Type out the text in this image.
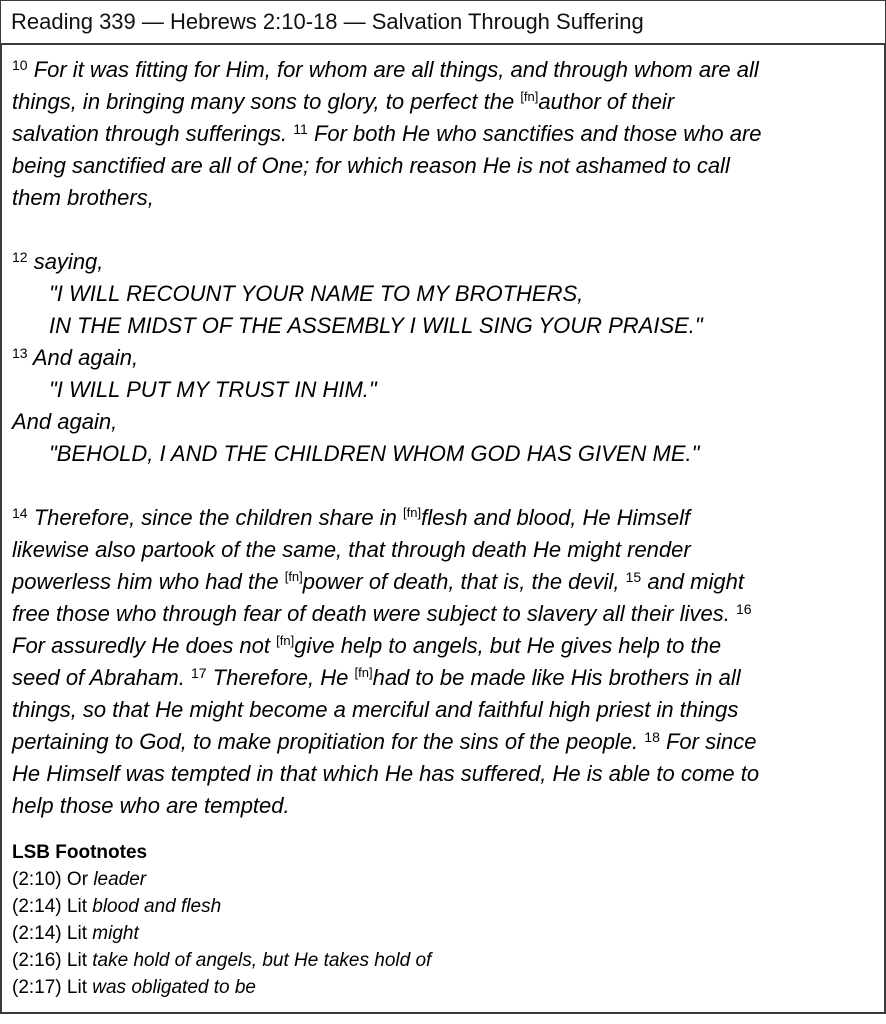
Reading 339 — Hebrews 2:10-18 — Salvation Through Suffering
$^{10}$ For it was fitting for Him, for whom are all things, and through whom are all
things, in bringing many sons to glory, to perfect the [fn]author of their
salvation through sufferings. $^{11}$ For both He who sanctifies and those who are
being sanctified are all of One; for which reason He is not ashamed to call
them brothers,
$^{12}$ saying,
"I WILL RECOUNT YOUR NAME TO MY BROTHERS,
IN THE MIDST OF THE ASSEMBLY I WILL SING YOUR PRAISE."
$^{13}$ And again,
"I WILL PUT MY TRUST IN HIM."
And again,
"BEHOLD, I AND THE CHILDREN WHOM GOD HAS GIVEN ME."
$^{14}$ Therefore, since the children share in [fn]flesh and blood, He Himself
likewise also partook of the same, that through death He might render
powerless him who had the [fn]power of death, that is, the devil, $^{15}$ and might
free those who through fear of death were subject to slavery all their lives. $^{16}$
For assuredly He does not [fn]give help to angels, but He gives help to the
seed of Abraham. $^{17}$ Therefore, He [fn]had to be made like His brothers in all
things, so that He might become a merciful and faithful high priest in things
pertaining to God, to make propitiation for the sins of the people. $^{18}$ For since
He Himself was tempted in that which He has suffered, He is able to come to
help those who are tempted.
LSB Footnotes
(2:10) Or leader
(2:14) Lit blood and flesh
(2:14) Lit might
(2:16) Lit take hold of angels, but He takes hold of
(2:17) Lit was obligated to be
